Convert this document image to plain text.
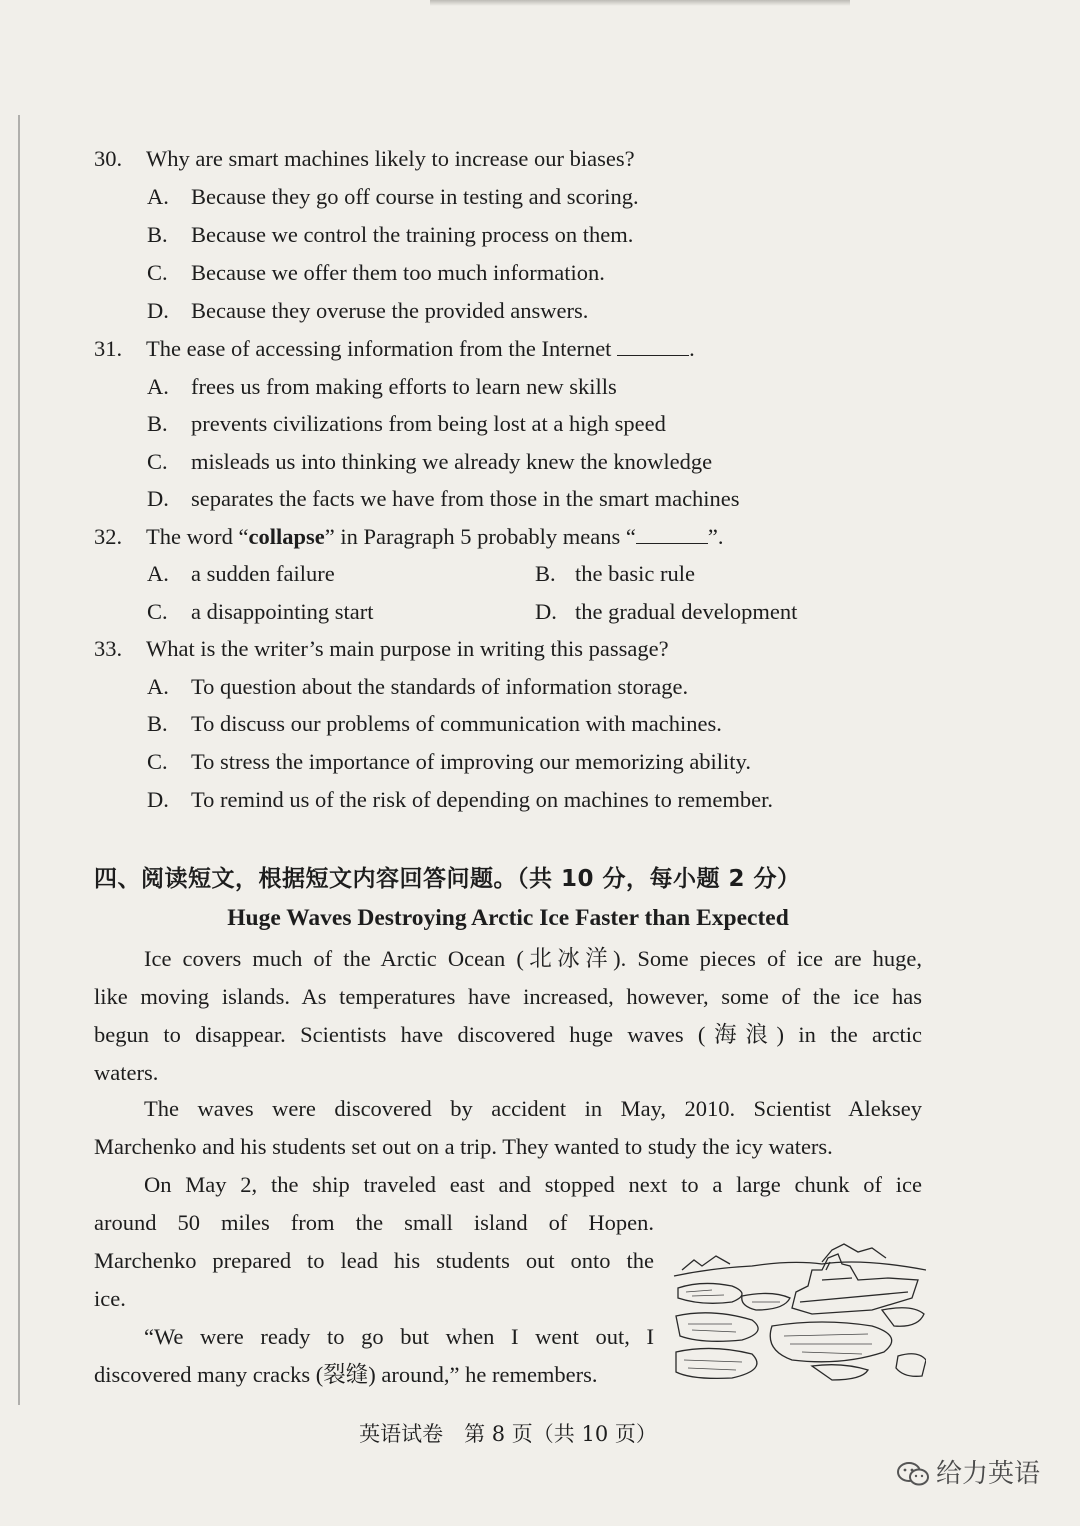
30. Why are smart machines likely to increase our biases?
A. Because they go off course in testing and scoring.
B. Because we control the training process on them.
C. Because we offer them too much information.
D. Because they overuse the provided answers.
31. The ease of accessing information from the Internet	.
A. frees us from making efforts to learn new skills
B. prevents civilizations from being lost at a high speed
C. misleads us into thinking we already knew the knowledge
D. separates the facts we have from those in the smart machines
32. The word “collapse” in Paragraph 5 probably means “	”.
A. a sudden failure	B. the basic rule
C. a disappointing start	D. the gradual development
33. What is the writer’s main purpose in writing this passage?
A. To question about the standards of information storage.
B. To discuss our problems of communication with machines.
C. To stress the importance of improving our memorizing ability.
D. To remind us of the risk of depending on machines to remember.
四、阅读短文，根据短文内容回答问题。（共 10 分，每小题 2 分）
Huge Waves Destroying Arctic Ice Faster than Expected
Ice covers much of the Arctic Ocean (北冰洋). Some pieces of ice are huge,
like moving islands. As temperatures have increased, however, some of the ice has
begun to disappear. Scientists have discovered huge waves (海浪) in the arctic
waters.
The waves were discovered by accident in May, 2010. Scientist Aleksey
Marchenko and his students set out on a trip. They wanted to study the icy waters.
On May 2, the ship traveled east and stopped next to a large chunk of ice
around 50 miles from the small island of Hopen.
Marchenko prepared to lead his students out onto the
ice.
“We were ready to go but when I went out, I
discovered many cracks (裂缝) around,” he remembers.
英语试卷　第 8 页（共 10 页）
给力英语
